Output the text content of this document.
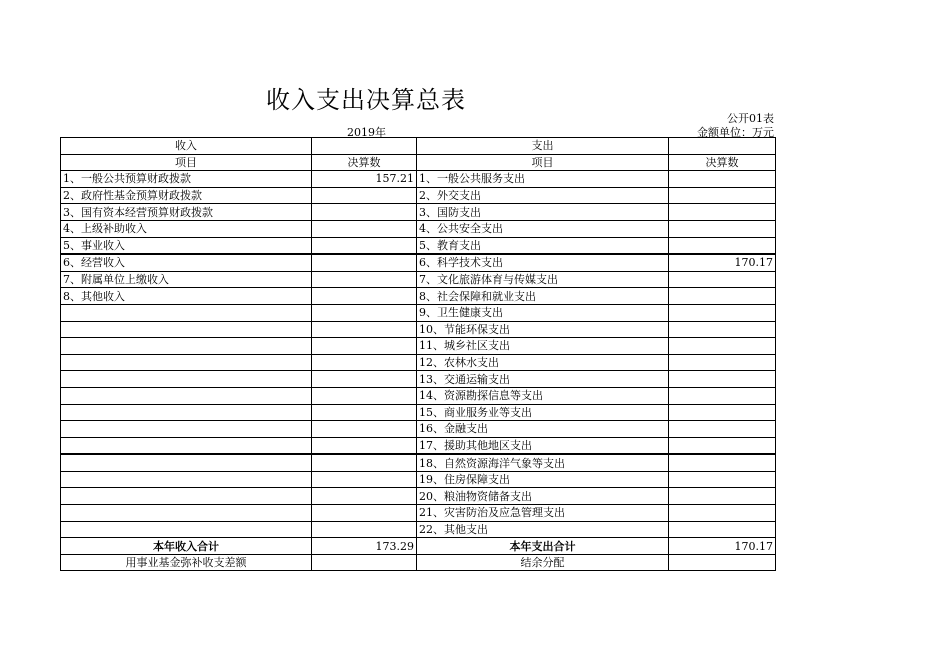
收入支出决算总表
公开01表
2019年	金额单位：万元
收入		支出	
项目	决算数	项目	决算数
1、一般公共预算财政拨款	157.21	1、一般公共服务支出	
2、政府性基金预算财政拨款		2、外交支出	
3、国有资本经营预算财政拨款		3、国防支出	
4、上级补助收入		4、公共安全支出	
5、事业收入		5、教育支出	
6、经营收入		6、科学技术支出	170.17
7、附属单位上缴收入		7、文化旅游体育与传媒支出	
8、其他收入		8、社会保障和就业支出	
		9、卫生健康支出	
		10、节能环保支出	
		11、城乡社区支出	
		12、农林水支出	
		13、交通运输支出	
		14、资源勘探信息等支出	
		15、商业服务业等支出	
		16、金融支出	
		17、援助其他地区支出	
		18、自然资源海洋气象等支出	
		19、住房保障支出	
		20、粮油物资储备支出	
		21、灾害防治及应急管理支出	
		22、其他支出	
本年收入合计	173.29	本年支出合计	170.17
用事业基金弥补收支差额		结余分配	
